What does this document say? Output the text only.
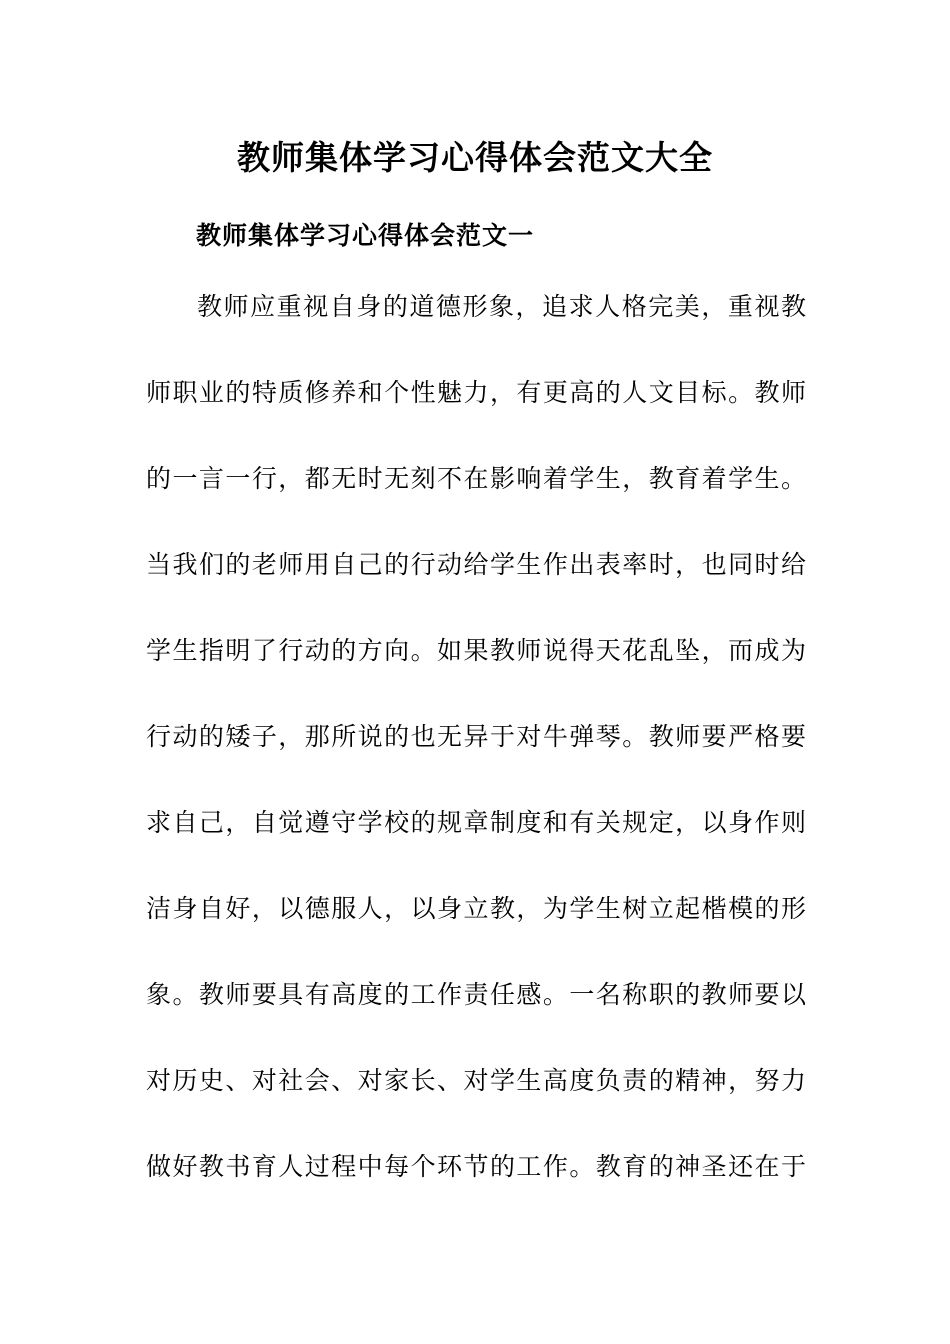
教师集体学习心得体会范文大全
教师集体学习心得体会范文一
教师应重视自身的道德形象，追求人格完美，重视教
师职业的特质修养和个性魅力，有更高的人文目标。教师
的一言一行，都无时无刻不在影响着学生，教育着学生。
当我们的老师用自己的行动给学生作出表率时，也同时给
学生指明了行动的方向。如果教师说得天花乱坠，而成为
行动的矮子，那所说的也无异于对牛弹琴。教师要严格要
求自己，自觉遵守学校的规章制度和有关规定，以身作则
洁身自好，以德服人，以身立教，为学生树立起楷模的形
象。教师要具有高度的工作责任感。一名称职的教师要以
对历史、对社会、对家长、对学生高度负责的精神，努力
做好教书育人过程中每个环节的工作。教育的神圣还在于
